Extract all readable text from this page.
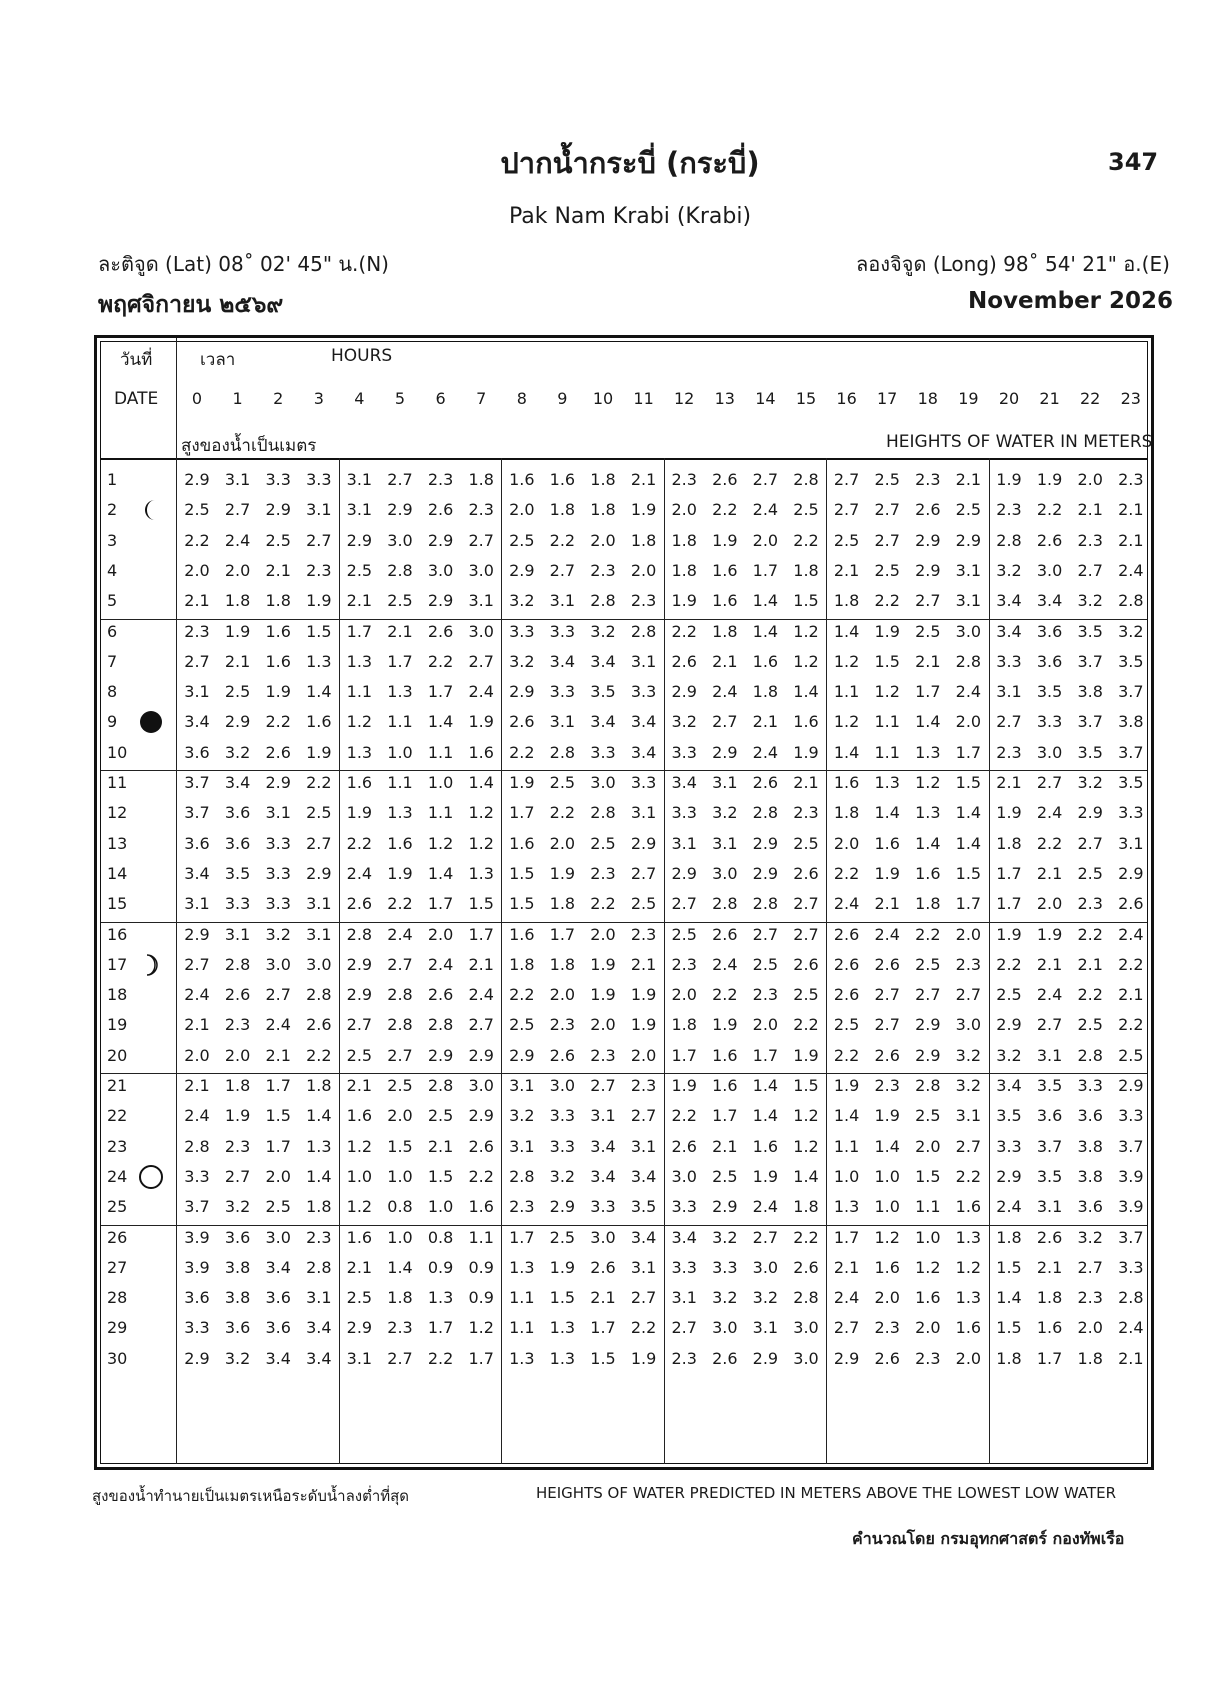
347
ปากน้ำกระบี่ (กระบี่)
Pak Nam Krabi (Krabi)
ละติจูด (Lat) 08˚ 02' 45" น.(N)	ลองจิจูด (Long) 98˚ 54' 21" อ.(E)
พฤศจิกายน ๒๕๖๙	November 2026
วันที่	เวลา	HOURS
DATE
สูงของน้ำเป็นเมตร	HEIGHTS OF WATER IN METERS
0	1	2	3	4	5	6	7	8	9	10	11	12	13	14	15	16	17	18	19	20	21	22	23
1	2.9 3.1 3.3 3.3 3.1 2.7 2.3 1.8 1.6 1.6 1.8 2.1 2.3 2.6 2.7 2.8 2.7 2.5 2.3 2.1 1.9 1.9 2.0 2.3
2	2.5 2.7 2.9 3.1 3.1 2.9 2.6 2.3 2.0 1.8 1.8 1.9 2.0 2.2 2.4 2.5 2.7 2.7 2.6 2.5 2.3 2.2 2.1 2.1
3	2.2 2.4 2.5 2.7 2.9 3.0 2.9 2.7 2.5 2.2 2.0 1.8 1.8 1.9 2.0 2.2 2.5 2.7 2.9 2.9 2.8 2.6 2.3 2.1
4	2.0 2.0 2.1 2.3 2.5 2.8 3.0 3.0 2.9 2.7 2.3 2.0 1.8 1.6 1.7 1.8 2.1 2.5 2.9 3.1 3.2 3.0 2.7 2.4
5	2.1 1.8 1.8 1.9 2.1 2.5 2.9 3.1 3.2 3.1 2.8 2.3 1.9 1.6 1.4 1.5 1.8 2.2 2.7 3.1 3.4 3.4 3.2 2.8
6	2.3 1.9 1.6 1.5 1.7 2.1 2.6 3.0 3.3 3.3 3.2 2.8 2.2 1.8 1.4 1.2 1.4 1.9 2.5 3.0 3.4 3.6 3.5 3.2
7	2.7 2.1 1.6 1.3 1.3 1.7 2.2 2.7 3.2 3.4 3.4 3.1 2.6 2.1 1.6 1.2 1.2 1.5 2.1 2.8 3.3 3.6 3.7 3.5
8	3.1 2.5 1.9 1.4 1.1 1.3 1.7 2.4 2.9 3.3 3.5 3.3 2.9 2.4 1.8 1.4 1.1 1.2 1.7 2.4 3.1 3.5 3.8 3.7
9	3.4 2.9 2.2 1.6 1.2 1.1 1.4 1.9 2.6 3.1 3.4 3.4 3.2 2.7 2.1 1.6 1.2 1.1 1.4 2.0 2.7 3.3 3.7 3.8
10	3.6 3.2 2.6 1.9 1.3 1.0 1.1 1.6 2.2 2.8 3.3 3.4 3.3 2.9 2.4 1.9 1.4 1.1 1.3 1.7 2.3 3.0 3.5 3.7
11	3.7 3.4 2.9 2.2 1.6 1.1 1.0 1.4 1.9 2.5 3.0 3.3 3.4 3.1 2.6 2.1 1.6 1.3 1.2 1.5 2.1 2.7 3.2 3.5
12	3.7 3.6 3.1 2.5 1.9 1.3 1.1 1.2 1.7 2.2 2.8 3.1 3.3 3.2 2.8 2.3 1.8 1.4 1.3 1.4 1.9 2.4 2.9 3.3
13	3.6 3.6 3.3 2.7 2.2 1.6 1.2 1.2 1.6 2.0 2.5 2.9 3.1 3.1 2.9 2.5 2.0 1.6 1.4 1.4 1.8 2.2 2.7 3.1
14	3.4 3.5 3.3 2.9 2.4 1.9 1.4 1.3 1.5 1.9 2.3 2.7 2.9 3.0 2.9 2.6 2.2 1.9 1.6 1.5 1.7 2.1 2.5 2.9
15	3.1 3.3 3.3 3.1 2.6 2.2 1.7 1.5 1.5 1.8 2.2 2.5 2.7 2.8 2.8 2.7 2.4 2.1 1.8 1.7 1.7 2.0 2.3 2.6
16	2.9 3.1 3.2 3.1 2.8 2.4 2.0 1.7 1.6 1.7 2.0 2.3 2.5 2.6 2.7 2.7 2.6 2.4 2.2 2.0 1.9 1.9 2.2 2.4
17	2.7 2.8 3.0 3.0 2.9 2.7 2.4 2.1 1.8 1.8 1.9 2.1 2.3 2.4 2.5 2.6 2.6 2.6 2.5 2.3 2.2 2.1 2.1 2.2
18	2.4 2.6 2.7 2.8 2.9 2.8 2.6 2.4 2.2 2.0 1.9 1.9 2.0 2.2 2.3 2.5 2.6 2.7 2.7 2.7 2.5 2.4 2.2 2.1
19	2.1 2.3 2.4 2.6 2.7 2.8 2.8 2.7 2.5 2.3 2.0 1.9 1.8 1.9 2.0 2.2 2.5 2.7 2.9 3.0 2.9 2.7 2.5 2.2
20	2.0 2.0 2.1 2.2 2.5 2.7 2.9 2.9 2.9 2.6 2.3 2.0 1.7 1.6 1.7 1.9 2.2 2.6 2.9 3.2 3.2 3.1 2.8 2.5
21	2.1 1.8 1.7 1.8 2.1 2.5 2.8 3.0 3.1 3.0 2.7 2.3 1.9 1.6 1.4 1.5 1.9 2.3 2.8 3.2 3.4 3.5 3.3 2.9
22	2.4 1.9 1.5 1.4 1.6 2.0 2.5 2.9 3.2 3.3 3.1 2.7 2.2 1.7 1.4 1.2 1.4 1.9 2.5 3.1 3.5 3.6 3.6 3.3
23	2.8 2.3 1.7 1.3 1.2 1.5 2.1 2.6 3.1 3.3 3.4 3.1 2.6 2.1 1.6 1.2 1.1 1.4 2.0 2.7 3.3 3.7 3.8 3.7
24	3.3 2.7 2.0 1.4 1.0 1.0 1.5 2.2 2.8 3.2 3.4 3.4 3.0 2.5 1.9 1.4 1.0 1.0 1.5 2.2 2.9 3.5 3.8 3.9
25	3.7 3.2 2.5 1.8 1.2 0.8 1.0 1.6 2.3 2.9 3.3 3.5 3.3 2.9 2.4 1.8 1.3 1.0 1.1 1.6 2.4 3.1 3.6 3.9
26	3.9 3.6 3.0 2.3 1.6 1.0 0.8 1.1 1.7 2.5 3.0 3.4 3.4 3.2 2.7 2.2 1.7 1.2 1.0 1.3 1.8 2.6 3.2 3.7
27	3.9 3.8 3.4 2.8 2.1 1.4 0.9 0.9 1.3 1.9 2.6 3.1 3.3 3.3 3.0 2.6 2.1 1.6 1.2 1.2 1.5 2.1 2.7 3.3
28	3.6 3.8 3.6 3.1 2.5 1.8 1.3 0.9 1.1 1.5 2.1 2.7 3.1 3.2 3.2 2.8 2.4 2.0 1.6 1.3 1.4 1.8 2.3 2.8
29	3.3 3.6 3.6 3.4 2.9 2.3 1.7 1.2 1.1 1.3 1.7 2.2 2.7 3.0 3.1 3.0 2.7 2.3 2.0 1.6 1.5 1.6 2.0 2.4
30	2.9 3.2 3.4 3.4 3.1 2.7 2.2 1.7 1.3 1.3 1.5 1.9 2.3 2.6 2.9 3.0 2.9 2.6 2.3 2.0 1.8 1.7 1.8 2.1
สูงของน้ำทำนายเป็นเมตรเหนือระดับน้ำลงต่ำที่สุด	HEIGHTS OF WATER PREDICTED IN METERS ABOVE THE LOWEST LOW WATER
คำนวณโดย กรมอุทกศาสตร์ กองทัพเรือ
